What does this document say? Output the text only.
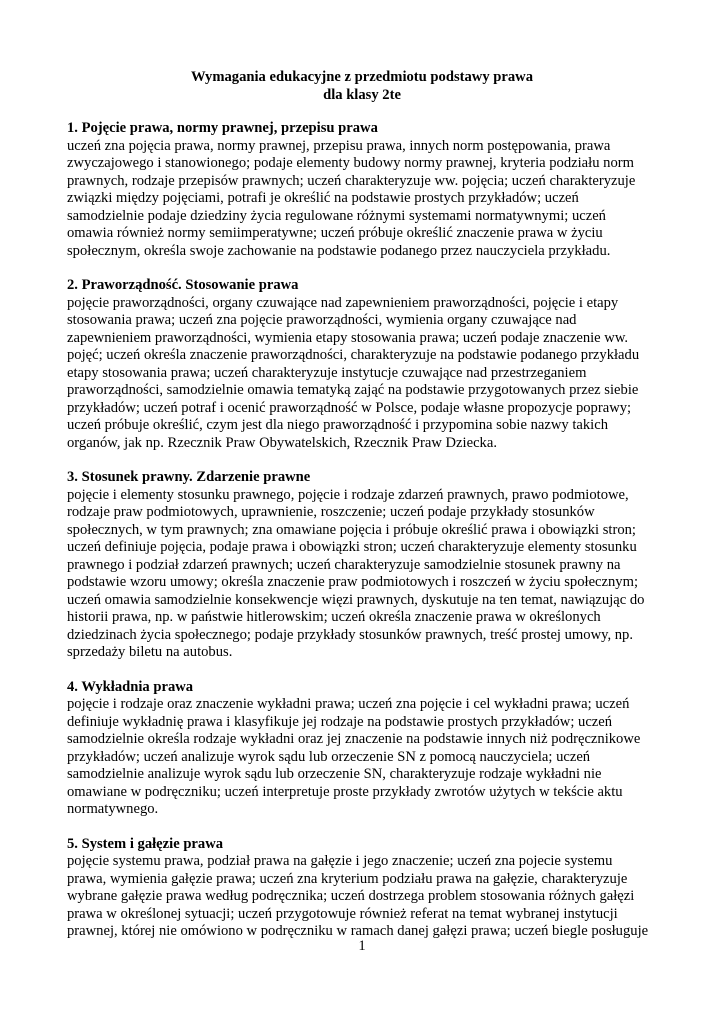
Wymagania edukacyjne z przedmiotu podstawy prawa
dla klasy 2te
1. Pojęcie prawa, normy prawnej, przepisu prawa
uczeń zna pojęcia prawa, normy prawnej, przepisu prawa, innych norm postępowania, prawa
zwyczajowego i stanowionego; podaje elementy budowy normy prawnej, kryteria podziału norm
prawnych, rodzaje przepisów prawnych; uczeń charakteryzuje ww. pojęcia; uczeń charakteryzuje
związki między pojęciami, potrafi je określić na podstawie prostych przykładów; uczeń
samodzielnie podaje dziedziny życia regulowane różnymi systemami normatywnymi; uczeń
omawia również normy semiimperatywne; uczeń próbuje określić znaczenie prawa w życiu
społecznym, określa swoje zachowanie na podstawie podanego przez nauczyciela przykładu.
2. Praworządność. Stosowanie prawa
pojęcie praworządności, organy czuwające nad zapewnieniem praworządności, pojęcie i etapy
stosowania prawa; uczeń zna pojęcie praworządności, wymienia organy czuwające nad
zapewnieniem praworządności, wymienia etapy stosowania prawa; uczeń podaje znaczenie ww.
pojęć; uczeń określa znaczenie praworządności, charakteryzuje na podstawie podanego przykładu
etapy stosowania prawa; uczeń charakteryzuje instytucje czuwające nad przestrzeganiem
praworządności, samodzielnie omawia tematyką zająć na podstawie przygotowanych przez siebie
przykładów; uczeń potraf i ocenić praworządność w Polsce, podaje własne propozycje poprawy;
uczeń próbuje określić, czym jest dla niego praworządność i przypomina sobie nazwy takich
organów, jak np. Rzecznik Praw Obywatelskich, Rzecznik Praw Dziecka.
3. Stosunek prawny. Zdarzenie prawne
pojęcie i elementy stosunku prawnego, pojęcie i rodzaje zdarzeń prawnych, prawo podmiotowe,
rodzaje praw podmiotowych, uprawnienie, roszczenie; uczeń podaje przykłady stosunków
społecznych, w tym prawnych; zna omawiane pojęcia i próbuje określić prawa i obowiązki stron;
uczeń definiuje pojęcia, podaje prawa i obowiązki stron; uczeń charakteryzuje elementy stosunku
prawnego i podział zdarzeń prawnych; uczeń charakteryzuje samodzielnie stosunek prawny na
podstawie wzoru umowy; określa znaczenie praw podmiotowych i roszczeń w życiu społecznym;
uczeń omawia samodzielnie konsekwencje więzi prawnych, dyskutuje na ten temat, nawiązując do
historii prawa, np. w państwie hitlerowskim; uczeń określa znaczenie prawa w określonych
dziedzinach życia społecznego; podaje przykłady stosunków prawnych, treść prostej umowy, np.
sprzedaży biletu na autobus.
4. Wykładnia prawa
pojęcie i rodzaje oraz znaczenie wykładni prawa; uczeń zna pojęcie i cel wykładni prawa; uczeń
definiuje wykładnię prawa i klasyfikuje jej rodzaje na podstawie prostych przykładów; uczeń
samodzielnie określa rodzaje wykładni oraz jej znaczenie na podstawie innych niż podręcznikowe
przykładów; uczeń analizuje wyrok sądu lub orzeczenie SN z pomocą nauczyciela; uczeń
samodzielnie analizuje wyrok sądu lub orzeczenie SN, charakteryzuje rodzaje wykładni nie
omawiane w podręczniku; uczeń interpretuje proste przykłady zwrotów użytych w tekście aktu
normatywnego.
5. System i gałęzie prawa
pojęcie systemu prawa, podział prawa na gałęzie i jego znaczenie; uczeń zna pojecie systemu
prawa, wymienia gałęzie prawa; uczeń zna kryterium podziału prawa na gałęzie, charakteryzuje
wybrane gałęzie prawa według podręcznika; uczeń dostrzega problem stosowania różnych gałęzi
prawa w określonej sytuacji; uczeń przygotowuje również referat na temat wybranej instytucji
prawnej, której nie omówiono w podręczniku w ramach danej gałęzi prawa; uczeń biegle posługuje
1
